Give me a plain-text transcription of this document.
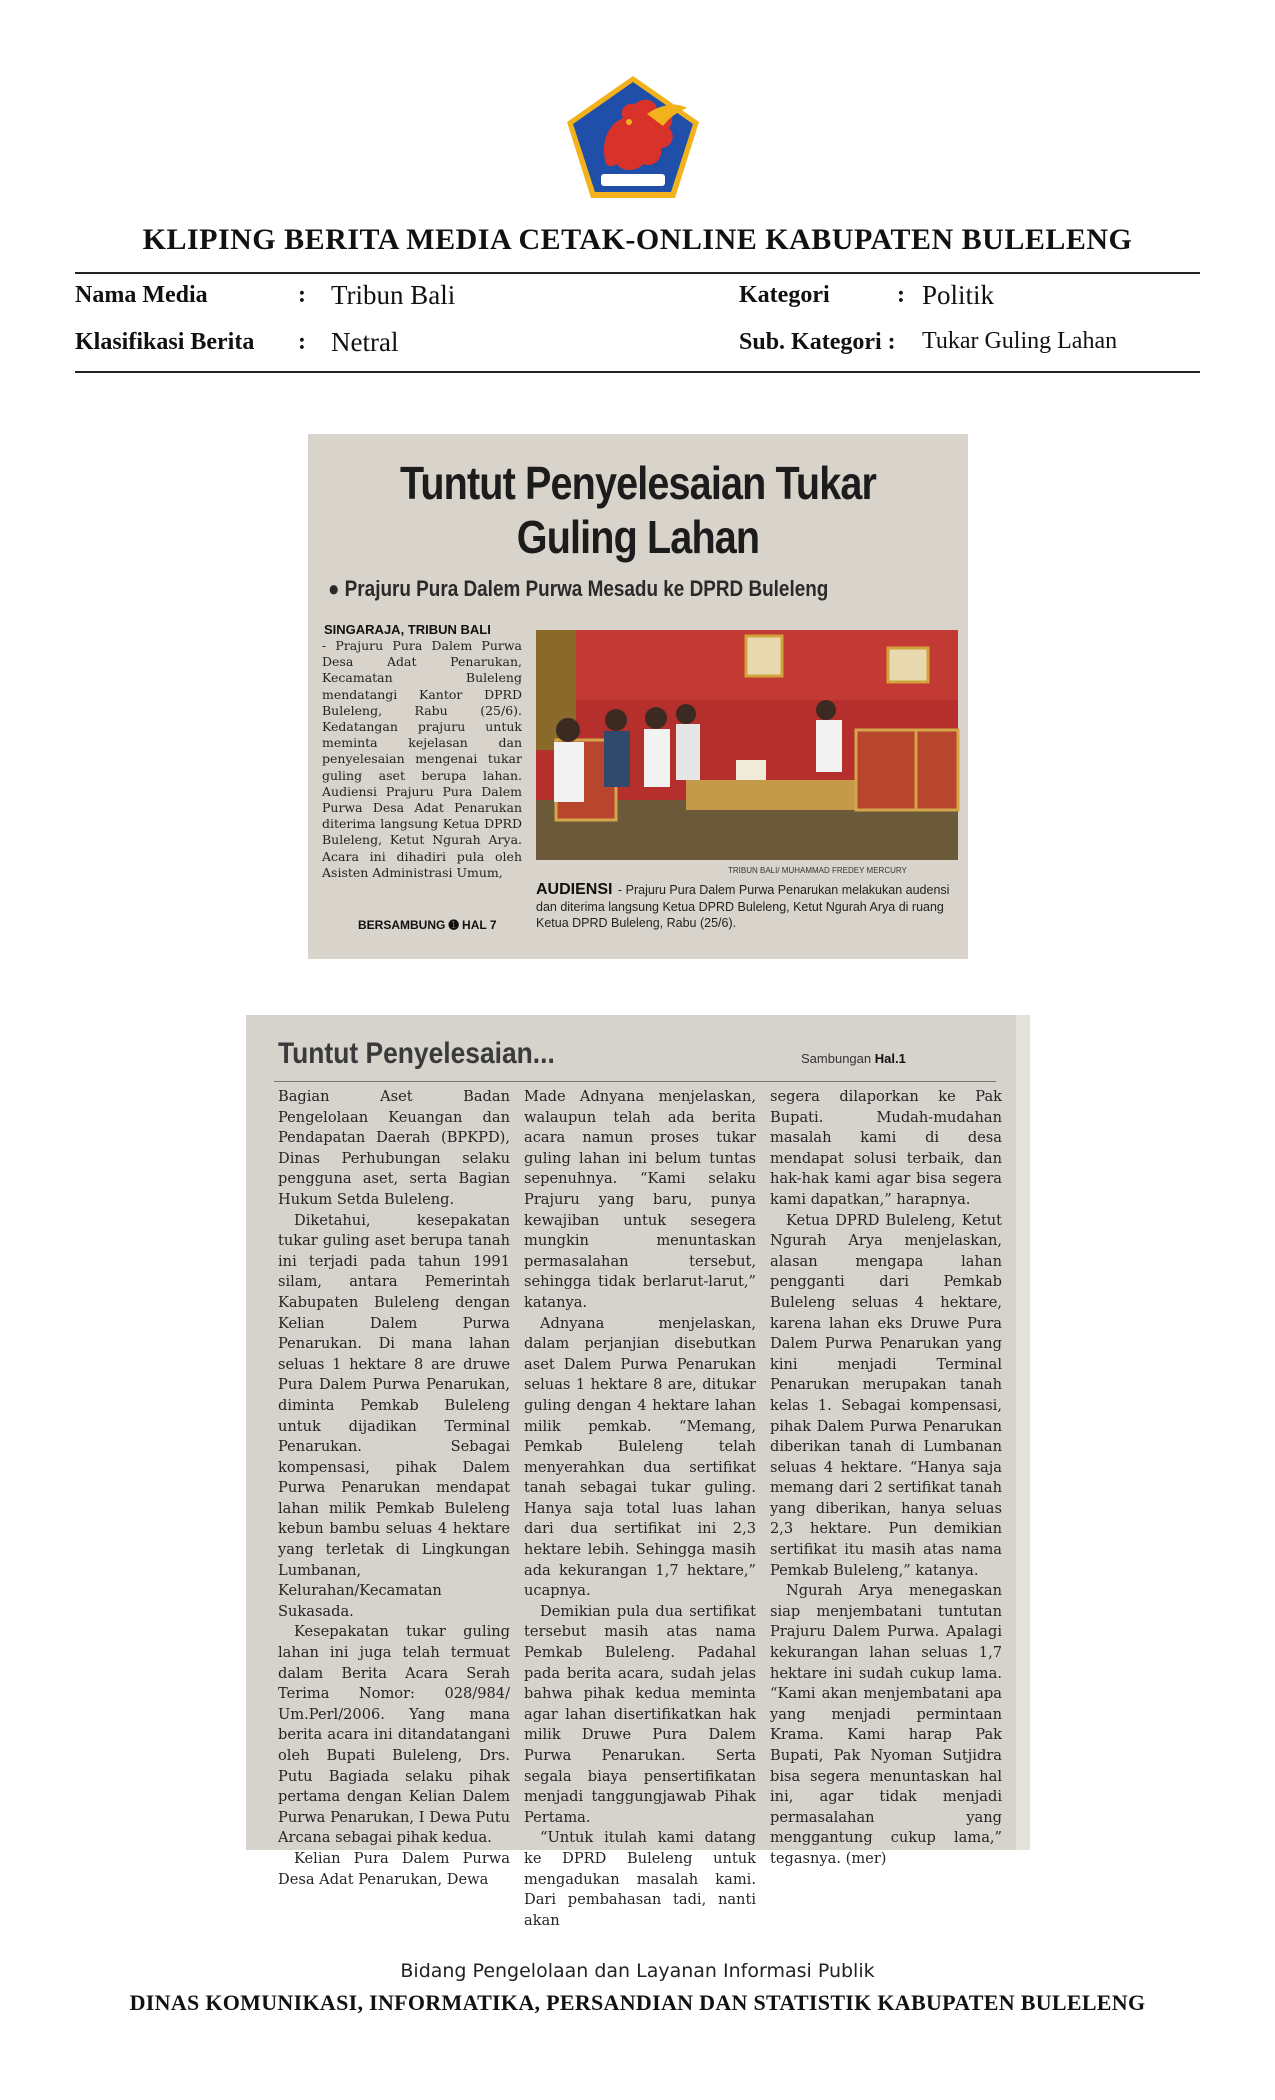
KLIPING BERITA MEDIA CETAK-ONLINE KABUPATEN BULELENG
Nama Media	: Tribun Bali	Kategori	: Politik
Klasifikasi Berita : Netral	Sub. Kategori : Tukar Guling Lahan
Tuntut Penyelesaian Tukar
Guling Lahan
● Prajuru Pura Dalem Purwa Mesadu ke DPRD Buleleng
SINGARAJA, TRIBUN BALI
- Prajuru Pura Dalem Purwa Desa Adat Penarukan, Kecamatan Buleleng mendatangi Kantor DPRD Buleleng, Rabu (25/6). Kedatangan prajuru untuk meminta kejelasan dan penyelesaian mengenai tukar guling aset berupa lahan. Audiensi Prajuru Pura Dalem Purwa Desa Adat Penarukan diterima langsung Ketua DPRD Buleleng, Ketut Ngurah Arya. Acara ini dihadiri pula oleh Asisten Administrasi Umum,
BERSAMBUNG ➊ HAL 7
TRIBUN BALI/ MUHAMMAD FREDEY MERCURY
AUDIENSI - Prajuru Pura Dalem Purwa Penarukan melakukan audensi dan diterima langsung Ketua DPRD Buleleng, Ketut Ngurah Arya di ruang Ketua DPRD Buleleng, Rabu (25/6).
Tuntut Penyelesaian...	Sambungan Hal.1

Bagian Aset Badan Pengelolaan Keuangan dan Pendapatan Daerah (BPKPD), Dinas Perhubungan selaku pengguna aset, serta Bagian Hukum Setda Buleleng.

Diketahui, kesepakatan tukar guling aset berupa tanah ini terjadi pada tahun 1991 silam, antara Pemerintah Kabupaten Buleleng dengan Kelian Dalem Purwa Penarukan. Di mana lahan seluas 1 hektare 8 are druwe Pura Dalem Purwa Penarukan, diminta Pemkab Buleleng untuk dijadikan Terminal Penarukan. Sebagai kompensasi, pihak Dalem Purwa Penarukan mendapat lahan milik Pemkab Buleleng kebun bambu seluas 4 hektare yang terletak di Lingkungan Lumbanan, Kelurahan/Kecamatan Sukasada.

Kesepakatan tukar guling lahan ini juga telah termuat dalam Berita Acara Serah Terima Nomor: 028/984/ Um.Perl/2006. Yang mana berita acara ini ditandatangani oleh Bupati Buleleng, Drs. Putu Bagiada selaku pihak pertama dengan Kelian Dalem Purwa Penarukan, I Dewa Putu Arcana sebagai pihak kedua.

Kelian Pura Dalem Purwa Desa Adat Penarukan, Dewa

Made Adnyana menjelaskan, walaupun telah ada berita acara namun proses tukar guling lahan ini belum tuntas sepenuhnya. “Kami selaku Prajuru yang baru, punya kewajiban untuk sesegera mungkin menuntaskan permasalahan tersebut, sehingga tidak berlarut-larut,” katanya.

Adnyana menjelaskan, dalam perjanjian disebutkan aset Dalem Purwa Penarukan seluas 1 hektare 8 are, ditukar guling dengan 4 hektare lahan milik pemkab. “Memang, Pemkab Buleleng telah menyerahkan dua sertifikat tanah sebagai tukar guling. Hanya saja total luas lahan dari dua sertifikat ini 2,3 hektare lebih. Sehingga masih ada kekurangan 1,7 hektare,” ucapnya.

Demikian pula dua sertifikat tersebut masih atas nama Pemkab Buleleng. Padahal pada berita acara, sudah jelas bahwa pihak kedua meminta agar lahan disertifikatkan hak milik Druwe Pura Dalem Purwa Penarukan. Serta segala biaya pensertifikatan menjadi tanggungjawab Pihak Pertama.

“Untuk itulah kami datang ke DPRD Buleleng untuk mengadukan masalah kami. Dari pembahasan tadi, nanti akan

segera dilaporkan ke Pak Bupati. Mudah-mudahan masalah kami di desa mendapat solusi terbaik, dan hak-hak kami agar bisa segera kami dapatkan,” harapnya.

Ketua DPRD Buleleng, Ketut Ngurah Arya menjelaskan, alasan mengapa lahan pengganti dari Pemkab Buleleng seluas 4 hektare, karena lahan eks Druwe Pura Dalem Purwa Penarukan yang kini menjadi Terminal Penarukan merupakan tanah kelas 1. Sebagai kompensasi, pihak Dalem Purwa Penarukan diberikan tanah di Lumbanan seluas 4 hektare. “Hanya saja memang dari 2 sertifikat tanah yang diberikan, hanya seluas 2,3 hektare. Pun demikian sertifikat itu masih atas nama Pemkab Buleleng,” katanya.

Ngurah Arya menegaskan siap menjembatani tuntutan Prajuru Dalem Purwa. Apalagi kekurangan lahan seluas 1,7 hektare ini sudah cukup lama. “Kami akan menjembatani apa yang menjadi permintaan Krama. Kami harap Pak Bupati, Pak Nyoman Sutjidra bisa segera menuntaskan hal ini, agar tidak menjadi permasalahan yang menggantung cukup lama,” tegasnya. (mer)

Bidang Pengelolaan dan Layanan Informasi Publik
DINAS KOMUNIKASI, INFORMATIKA, PERSANDIAN DAN STATISTIK KABUPATEN BULELENG
